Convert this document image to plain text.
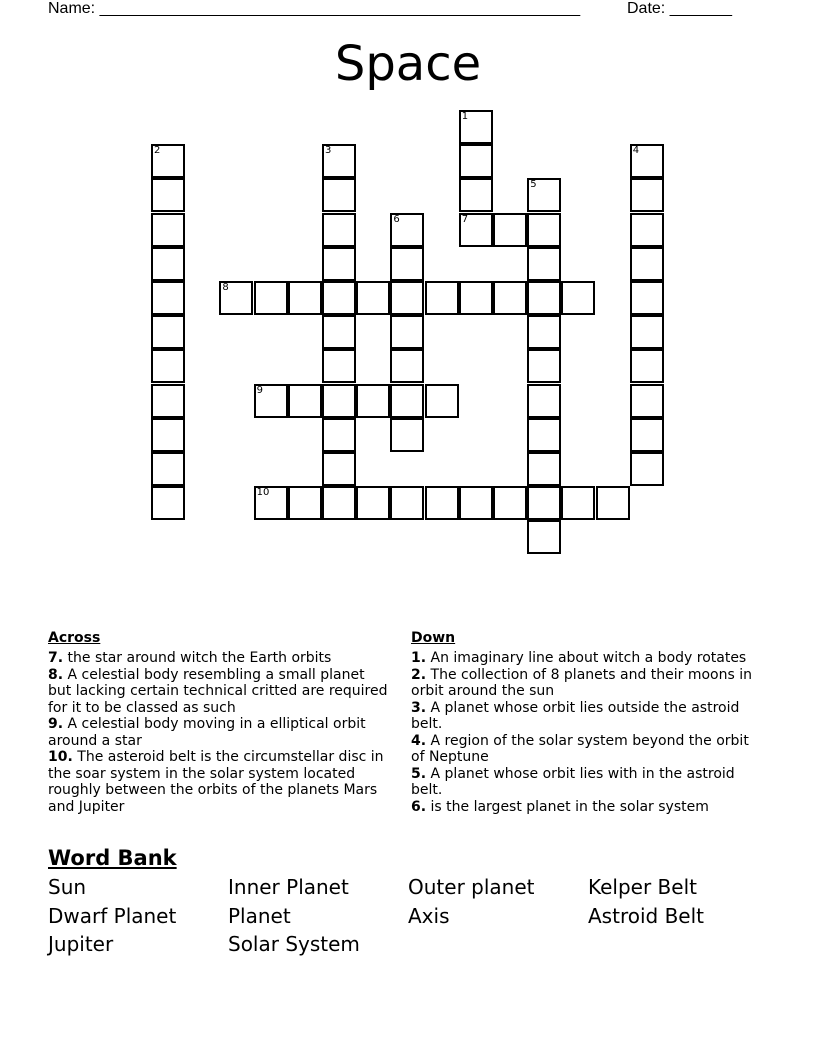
Name: ______________________________________________________	Date: _______
Space
1
7
2	3	4
5
6
8
9
10
Across
7. the star around witch the Earth orbits
8. A celestial body resembling a small planet but lacking certain technical critted are required for it to be classed as such
9. A celestial body moving in a elliptical orbit around a star
10. The asteroid belt is the circumstellar disc in the soar system in the solar system located roughly between the orbits of the planets Mars and Jupiter
Down
1. An imaginary line about witch a body rotates
2. The collection of 8 planets and their moons in orbit around the sun
3. A planet whose orbit lies outside the astroid belt.
4. A region of the solar system beyond the orbit of Neptune
5. A planet whose orbit lies with in the astroid belt.
6. is the largest planet in the solar system
Word Bank
Sun	Inner Planet	Outer planet	Kelper Belt
Dwarf Planet	Planet	Axis	Astroid Belt
Jupiter	Solar System
